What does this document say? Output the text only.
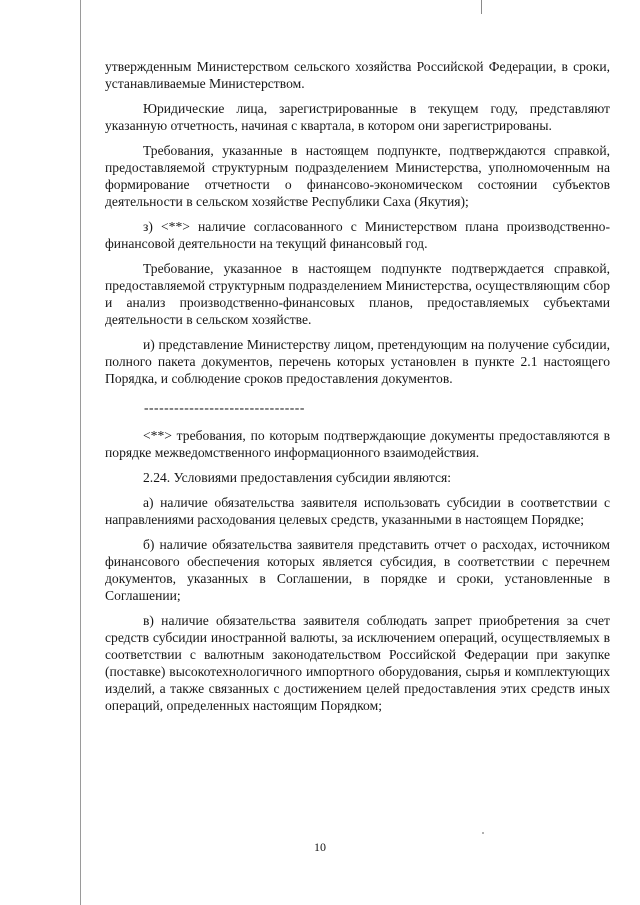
утвержденным Министерством сельского хозяйства Российской Федерации, в сроки, устанавливаемые Министерством.

Юридические лица, зарегистрированные в текущем году, представляют указанную отчетность, начиная с квартала, в котором они зарегистрированы.

Требования, указанные в настоящем подпункте, подтверждаются справкой, предоставляемой структурным подразделением Министерства, уполномоченным на формирование отчетности о финансово-экономическом состоянии субъектов деятельности в сельском хозяйстве Республики Саха (Якутия);

з) <**> наличие согласованного с Министерством плана производственно-финансовой деятельности на текущий финансовый год.

Требование, указанное в настоящем подпункте подтверждается справкой, предоставляемой структурным подразделением Министерства, осуществляющим сбор и анализ производственно-финансовых планов, предоставляемых субъектами деятельности в сельском хозяйстве.

и) представление Министерству лицом, претендующим на получение субсидии, полного пакета документов, перечень которых установлен в пункте 2.1 настоящего Порядка, и соблюдение сроков предоставления документов.

--------------------------------

<**> требования, по которым подтверждающие документы предоставляются в порядке межведомственного информационного взаимодействия.

2.24. Условиями предоставления субсидии являются:

а) наличие обязательства заявителя использовать субсидии в соответствии с направлениями расходования целевых средств, указанными в настоящем Порядке;

б) наличие обязательства заявителя представить отчет о расходах, источником финансового обеспечения которых является субсидия, в соответствии с перечнем документов, указанных в Соглашении, в порядке и сроки, установленные в Соглашении;

в) наличие обязательства заявителя соблюдать запрет приобретения за счет средств субсидии иностранной валюты, за исключением операций, осуществляемых в соответствии с валютным законодательством Российской Федерации при закупке (поставке) высокотехнологичного импортного оборудования, сырья и комплектующих изделий, а также связанных с достижением целей предоставления этих средств иных операций, определенных настоящим Порядком;

10
